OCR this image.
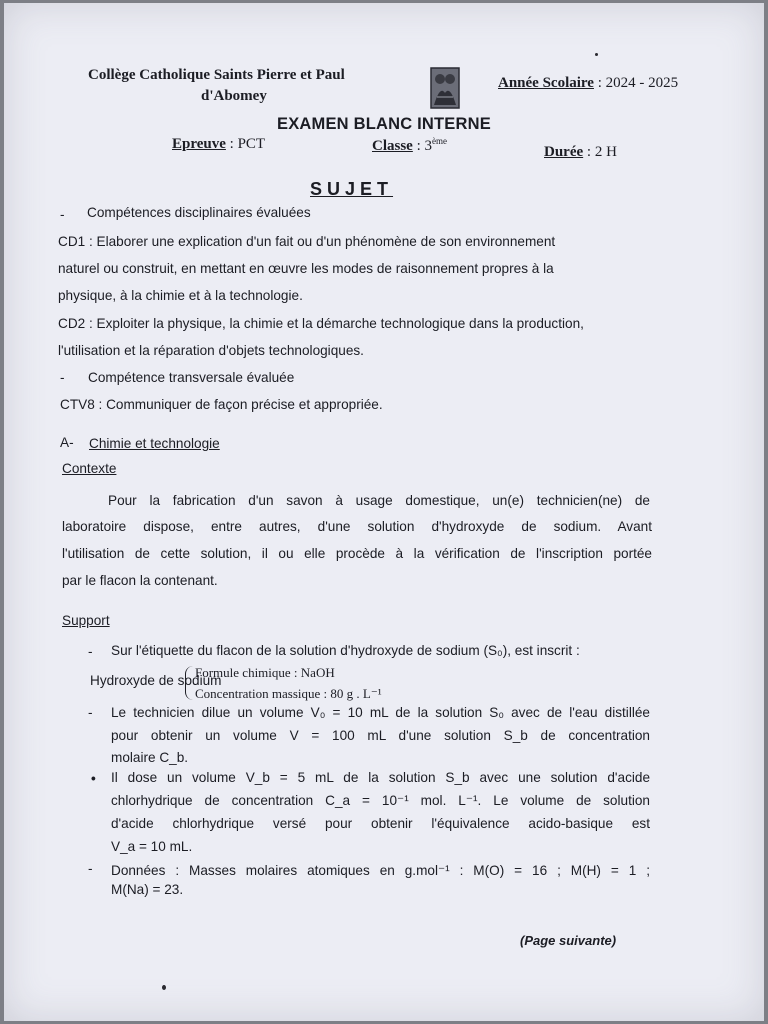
Collège Catholique Saints Pierre et Paul
d'Abomey
Année Scolaire : 2024 - 2025
EXAMEN BLANC INTERNE
Epreuve : PCT	Classe : 3ème
Durée : 2 H
SUJET
- Compétences disciplinaires évaluées
CD1 : Elaborer une explication d'un fait ou d'un phénomène de son environnement
naturel ou construit, en mettant en œuvre les modes de raisonnement propres à la
physique, à la chimie et à la technologie.
CD2 : Exploiter la physique, la chimie et la démarche technologique dans la production,
l'utilisation et la réparation d'objets technologiques.
- Compétence transversale évaluée
CTV8 : Communiquer de façon précise et appropriée.
A- Chimie et technologie
Contexte
Pour la fabrication d'un savon à usage domestique, un(e) technicien(ne) de
laboratoire dispose, entre autres, d'une solution d'hydroxyde de sodium. Avant
l'utilisation de cette solution, il ou elle procède à la vérification de l'inscription portée
par le flacon la contenant.
Support
- Sur l'étiquette du flacon de la solution d'hydroxyde de sodium (S₀), est inscrit :
Hydroxyde de sodium
Formule chimique : NaOH
Concentration massique : 80 g . L⁻¹
- Le technicien dilue un volume V₀ = 10 mL de la solution S₀ avec de l'eau distillée
pour obtenir un volume V = 100 mL d'une solution S_b de concentration
molaire C_b.
• Il dose un volume V_b = 5 mL de la solution S_b avec une solution d'acide
chlorhydrique de concentration C_a = 10⁻¹ mol. L⁻¹. Le volume de solution
d'acide chlorhydrique versé pour obtenir l'équivalence acido-basique est
V_a = 10 mL.
- Données : Masses molaires atomiques en g.mol⁻¹ : M(O) = 16 ; M(H) = 1 ;
M(Na) = 23.
(Page suivante)
